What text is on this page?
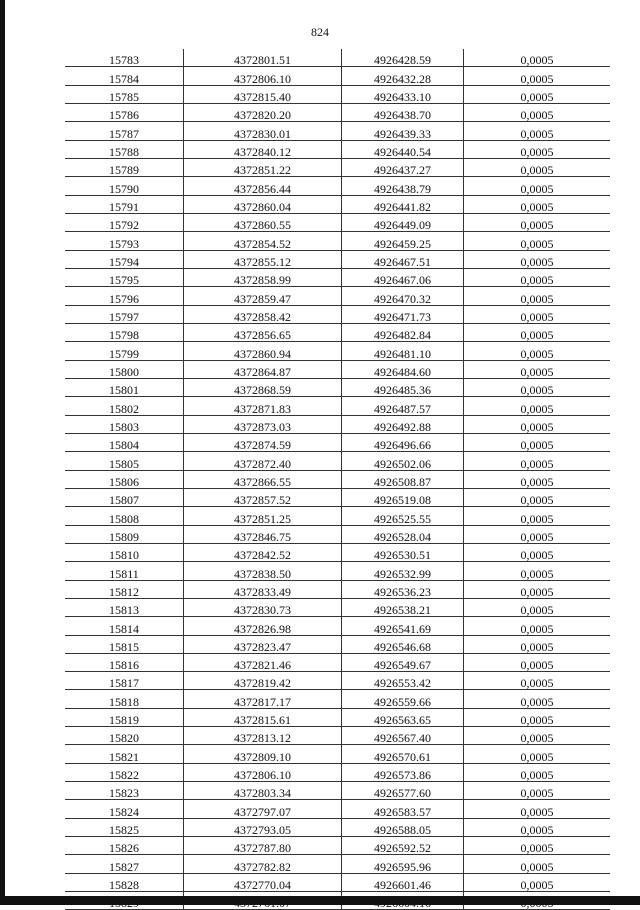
824
15783	4372801.51	4926428.59	0,0005
15784	4372806.10	4926432.28	0,0005
15785	4372815.40	4926433.10	0,0005
15786	4372820.20	4926438.70	0,0005
15787	4372830.01	4926439.33	0,0005
15788	4372840.12	4926440.54	0,0005
15789	4372851.22	4926437.27	0,0005
15790	4372856.44	4926438.79	0,0005
15791	4372860.04	4926441.82	0,0005
15792	4372860.55	4926449.09	0,0005
15793	4372854.52	4926459.25	0,0005
15794	4372855.12	4926467.51	0,0005
15795	4372858.99	4926467.06	0,0005
15796	4372859.47	4926470.32	0,0005
15797	4372858.42	4926471.73	0,0005
15798	4372856.65	4926482.84	0,0005
15799	4372860.94	4926481.10	0,0005
15800	4372864.87	4926484.60	0,0005
15801	4372868.59	4926485.36	0,0005
15802	4372871.83	4926487.57	0,0005
15803	4372873.03	4926492.88	0,0005
15804	4372874.59	4926496.66	0,0005
15805	4372872.40	4926502.06	0,0005
15806	4372866.55	4926508.87	0,0005
15807	4372857.52	4926519.08	0,0005
15808	4372851.25	4926525.55	0,0005
15809	4372846.75	4926528.04	0,0005
15810	4372842.52	4926530.51	0,0005
15811	4372838.50	4926532.99	0,0005
15812	4372833.49	4926536.23	0,0005
15813	4372830.73	4926538.21	0,0005
15814	4372826.98	4926541.69	0,0005
15815	4372823.47	4926546.68	0,0005
15816	4372821.46	4926549.67	0,0005
15817	4372819.42	4926553.42	0,0005
15818	4372817.17	4926559.66	0,0005
15819	4372815.61	4926563.65	0,0005
15820	4372813.12	4926567.40	0,0005
15821	4372809.10	4926570.61	0,0005
15822	4372806.10	4926573.86	0,0005
15823	4372803.34	4926577.60	0,0005
15824	4372797.07	4926583.57	0,0005
15825	4372793.05	4926588.05	0,0005
15826	4372787.80	4926592.52	0,0005
15827	4372782.82	4926595.96	0,0005
15828	4372770.04	4926601.46	0,0005
